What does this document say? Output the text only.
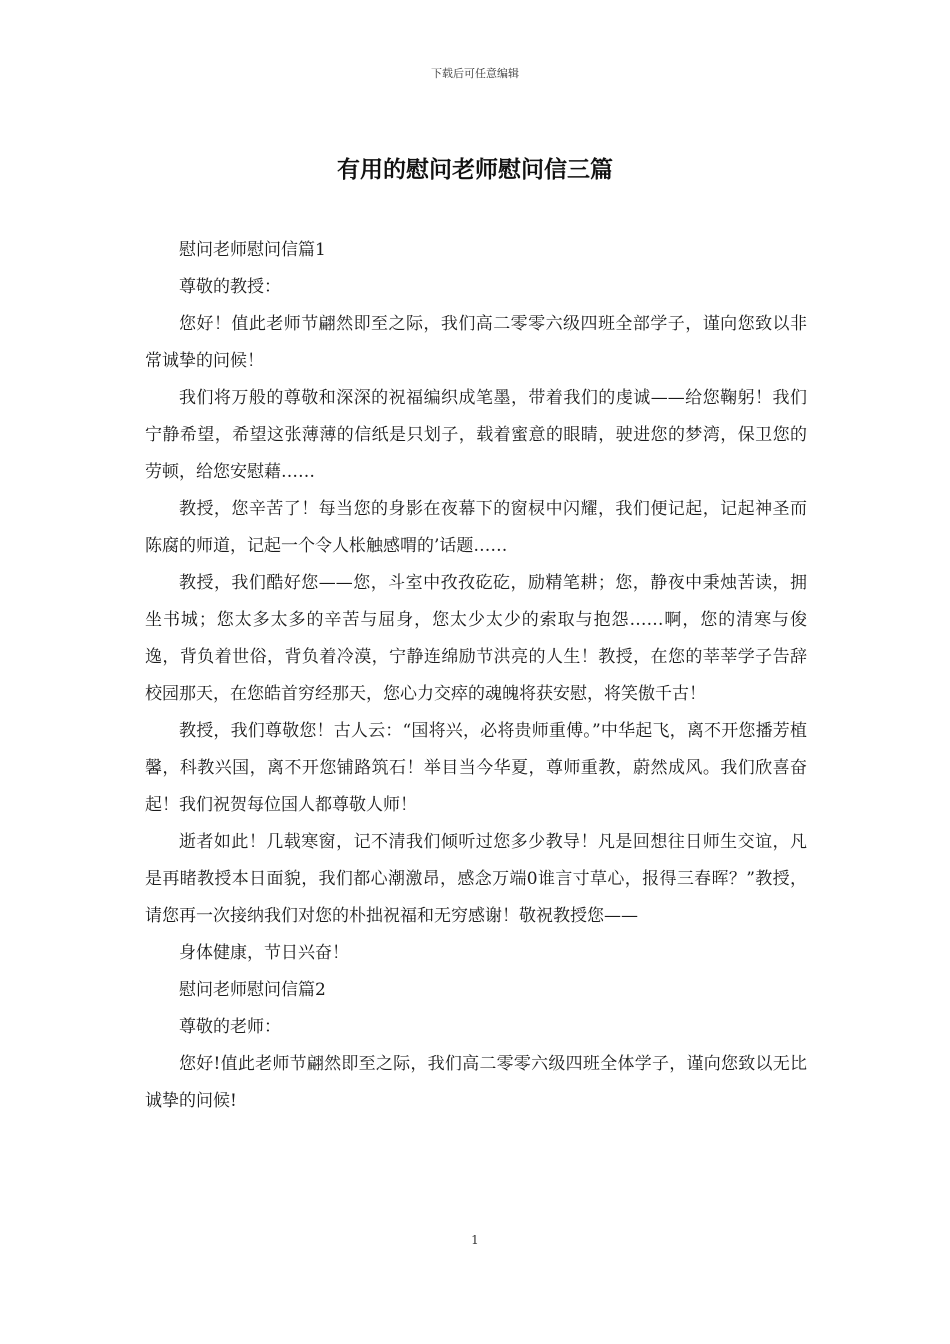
下载后可任意编辑
有用的慰问老师慰问信三篇

慰问老师慰问信篇1

尊敬的教授：

您好！值此老师节翩然即至之际，我们高二零零六级四班全部学子，谨向您致以非常诚挚的问候！

我们将万般的尊敬和深深的祝福编织成笔墨，带着我们的虔诚——给您鞠躬！我们宁静希望，希望这张薄薄的信纸是只划子，载着蜜意的眼睛，驶进您的梦湾，保卫您的劳顿，给您安慰藉……

教授，您辛苦了！每当您的身影在夜幕下的窗棂中闪耀，我们便记起，记起神圣而陈腐的师道，记起一个令人枨触感喟的’话题……

教授，我们酷好您——您，斗室中孜孜矻矻，励精笔耕；您，静夜中秉烛苦读，拥坐书城；您太多太多的辛苦与屈身，您太少太少的索取与抱怨……啊，您的清寒与俊逸，背负着世俗，背负着冷漠，宁静连绵励节洪亮的人生！教授，在您的莘莘学子告辞校园那天，在您皓首穷经那天，您心力交瘁的魂魄将获安慰，将笑傲千古！

教授，我们尊敬您！古人云：“国将兴，必将贵师重傅。”中华起飞，离不开您播芳植馨，科教兴国，离不开您铺路筑石！举目当今华夏，尊师重教，蔚然成风。我们欣喜奋起！我们祝贺每位国人都尊敬人师！

逝者如此！几载寒窗，记不清我们倾听过您多少教导！凡是回想往日师生交谊，凡是再睹教授本日面貌，我们都心潮激昂，感念万端0谁言寸草心，报得三春晖？”教授，请您再一次接纳我们对您的朴拙祝福和无穷感谢！敬祝教授您——

身体健康，节日兴奋！

慰问老师慰问信篇2

尊敬的老师：

您好!值此老师节翩然即至之际，我们高二零零六级四班全体学子，谨向您致以无比诚挚的问候!

1
